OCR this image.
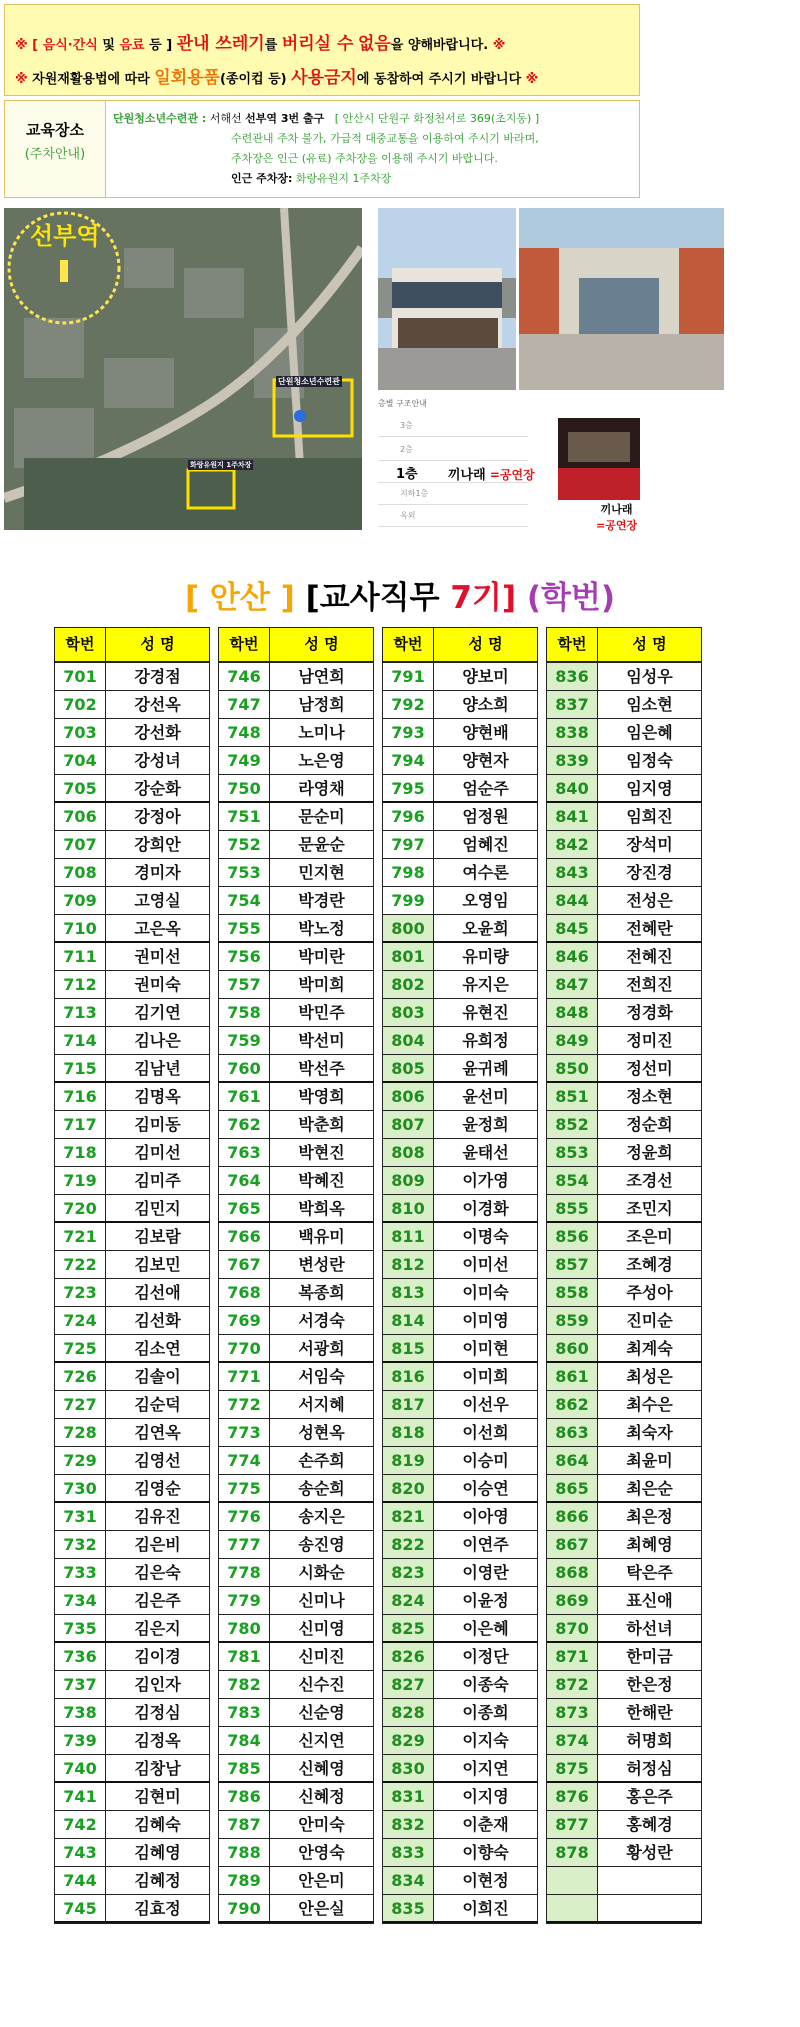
※ [ 음식·간식 및 음료 등 ] 관내 쓰레기를 버리실 수 없음을 양해바랍니다. ※
※ 자원재활용법에 따라 일회용품(종이컵 등) 사용금지에 동참하여 주시기 바랍니다 ※
교육장소
(주차안내)
단원청소년수련관 : 서해선 선부역 3번 출구 [ 안산시 단원구 화정천서로 369(초지동) ]
수련관내 주차 불가, 가급적 대중교통을 이용하여 주시기 바라며,
주차장은 인근 (유료) 주차장을 이용해 주시기 바랍니다.
인근 주차장: 화랑유원지 1주차장
선부역
단원청소년수련관
화랑유원지 1주차장
층별 구조안내
3층
2층
1층 끼나래 =공연장
지하1층
옥외	끼나래
=공연장
[ 안산 ] [교사직무 7기] (학번)
학번	성 명
701	강경점
702	강선옥
703	강선화
704	강성녀
705	강순화
706	강정아
707	강희안
708	경미자
709	고영실
710	고은옥
711	권미선
712	권미숙
713	김기연
714	김나은
715	김남년
716	김명옥
717	김미동
718	김미선
719	김미주
720	김민지
721	김보람
722	김보민
723	김선애
724	김선화
725	김소연
726	김솔이
727	김순덕
728	김연옥
729	김영선
730	김영순
731	김유진
732	김은비
733	김은숙
734	김은주
735	김은지
736	김이경
737	김인자
738	김정심
739	김정옥
740	김창남
741	김현미
742	김혜숙
743	김혜영
744	김혜정
745	김효정
학번	성 명
746	남연희
747	남정희
748	노미나
749	노은영
750	라영채
751	문순미
752	문윤순
753	민지현
754	박경란
755	박노정
756	박미란
757	박미희
758	박민주
759	박선미
760	박선주
761	박영희
762	박춘희
763	박현진
764	박혜진
765	박희옥
766	백유미
767	변성란
768	복종희
769	서경숙
770	서광희
771	서임숙
772	서지혜
773	성현옥
774	손주희
775	송순희
776	송지은
777	송진영
778	시화순
779	신미나
780	신미영
781	신미진
782	신수진
783	신순영
784	신지연
785	신혜영
786	신혜정
787	안미숙
788	안영숙
789	안은미
790	안은실
학번	성 명
791	양보미
792	양소희
793	양현배
794	양현자
795	엄순주
796	엄정원
797	엄혜진
798	여수론
799	오영임
800	오윤희
801	유미량
802	유지은
803	유현진
804	유희정
805	윤귀례
806	윤선미
807	윤정희
808	윤태선
809	이가영
810	이경화
811	이명숙
812	이미선
813	이미숙
814	이미영
815	이미현
816	이미희
817	이선우
818	이선희
819	이승미
820	이승연
821	이아영
822	이연주
823	이영란
824	이윤정
825	이은혜
826	이정단
827	이종숙
828	이종희
829	이지숙
830	이지연
831	이지영
832	이춘재
833	이향숙
834	이현정
835	이희진
학번	성 명
836	임성우
837	임소현
838	임은혜
839	임정숙
840	임지영
841	임희진
842	장석미
843	장진경
844	전성은
845	전혜란
846	전혜진
847	전희진
848	정경화
849	정미진
850	정선미
851	정소현
852	정순희
853	정윤희
854	조경선
855	조민지
856	조은미
857	조혜경
858	주성아
859	진미순
860	최계숙
861	최성은
862	최수은
863	최숙자
864	최윤미
865	최은순
866	최은정
867	최혜영
868	탁은주
869	표신애
870	하선녀
871	한미금
872	한은정
873	한해란
874	허명희
875	허정심
876	홍은주
877	홍혜경
878	황성란
